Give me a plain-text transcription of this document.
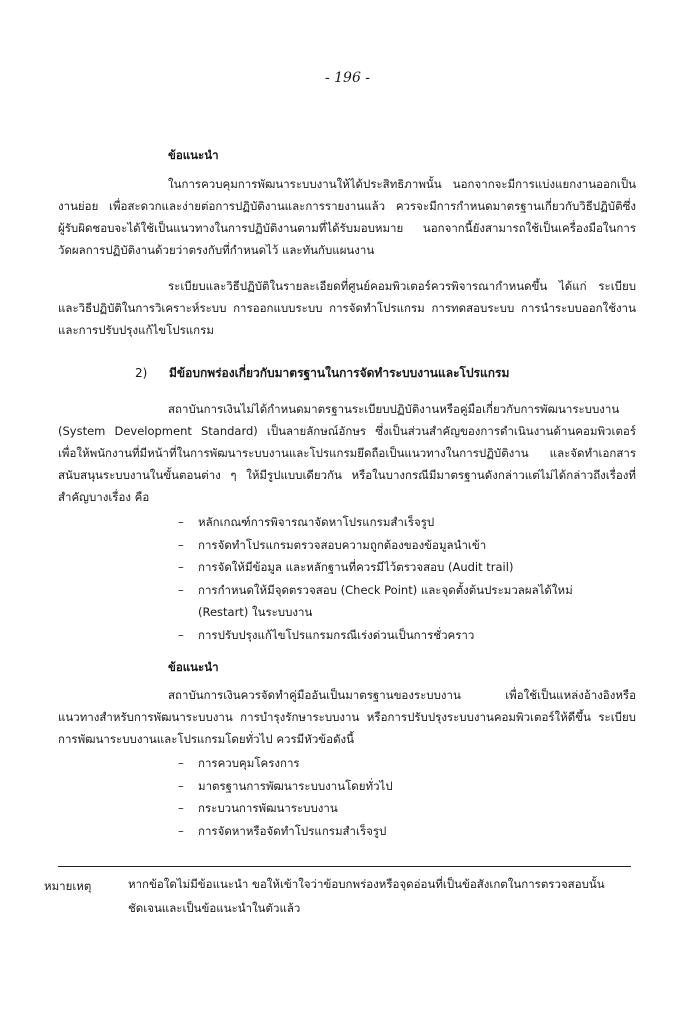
- 196 -
ข้อแนะนำ
ในการควบคุมการพัฒนาระบบงานให้ได้ประสิทธิภาพนั้น นอกจากจะมีการแบ่งแยกงานออกเป็นงานย่อย เพื่อสะดวกและง่ายต่อการปฏิบัติงานและการรายงานแล้ว ควรจะมีการกำหนดมาตรฐานเกี่ยวกับวิธีปฏิบัติซึ่งผู้รับผิดชอบจะได้ใช้เป็นแนวทางในการปฏิบัติงานตามที่ได้รับมอบหมาย นอกจากนี้ยังสามารถใช้เป็นเครื่องมือในการวัดผลการปฏิบัติงานด้วยว่าตรงกับที่กำหนดไว้ และทันกับแผนงาน
ระเบียบและวิธีปฏิบัติในรายละเอียดที่ศูนย์คอมพิวเตอร์ควรพิจารณากำหนดขึ้น ได้แก่ ระเบียบและวิธีปฏิบัติในการวิเคราะห์ระบบ การออกแบบระบบ การจัดทำโปรแกรม การทดสอบระบบ การนำระบบออกใช้งานและการปรับปรุงแก้ไขโปรแกรม
2) มีข้อบกพร่องเกี่ยวกับมาตรฐานในการจัดทำระบบงานและโปรแกรม
สถาบันการเงินไม่ได้กำหนดมาตรฐานระเบียบปฏิบัติงานหรือคู่มือเกี่ยวกับการพัฒนาระบบงาน (System Development Standard) เป็นลายลักษณ์อักษร ซึ่งเป็นส่วนสำคัญของการดำเนินงานด้านคอมพิวเตอร์ เพื่อให้พนักงานที่มีหน้าที่ในการพัฒนาระบบงานและโปรแกรมยึดถือเป็นแนวทางในการปฏิบัติงาน และจัดทำเอกสารสนับสนุนระบบงานในขั้นตอนต่าง ๆ ให้มีรูปแบบเดียวกัน หรือในบางกรณีมีมาตรฐานดังกล่าวแต่ไม่ได้กล่าวถึงเรื่องที่สำคัญบางเรื่อง คือ
– หลักเกณฑ์การพิจารณาจัดหาโปรแกรมสำเร็จรูป
– การจัดทำโปรแกรมตรวจสอบความถูกต้องของข้อมูลนำเข้า
– การจัดให้มีข้อมูล และหลักฐานที่ควรมีไว้ตรวจสอบ (Audit trail)
– การกำหนดให้มีจุดตรวจสอบ (Check Point) และจุดตั้งต้นประมวลผลได้ใหม่ (Restart) ในระบบงาน
– การปรับปรุงแก้ไขโปรแกรมกรณีเร่งด่วนเป็นการชั่วคราว
ข้อแนะนำ
สถาบันการเงินควรจัดทำคู่มืออันเป็นมาตรฐานของระบบงาน เพื่อใช้เป็นแหล่งอ้างอิงหรือแนวทางสำหรับการพัฒนาระบบงาน การบำรุงรักษาระบบงาน หรือการปรับปรุงระบบงานคอมพิวเตอร์ให้ดีขึ้น ระเบียบการพัฒนาระบบงานและโปรแกรมโดยทั่วไป ควรมีหัวข้อดังนี้
– การควบคุมโครงการ
– มาตรฐานการพัฒนาระบบงานโดยทั่วไป
– กระบวนการพัฒนาระบบงาน
– การจัดหาหรือจัดทำโปรแกรมสำเร็จรูป
หมายเหตุ	หากข้อใดไม่มีข้อแนะนำ ขอให้เข้าใจว่าข้อบกพร่องหรือจุดอ่อนที่เป็นข้อสังเกตในการตรวจสอบนั้นชัดเจนและเป็นข้อแนะนำในตัวแล้ว
